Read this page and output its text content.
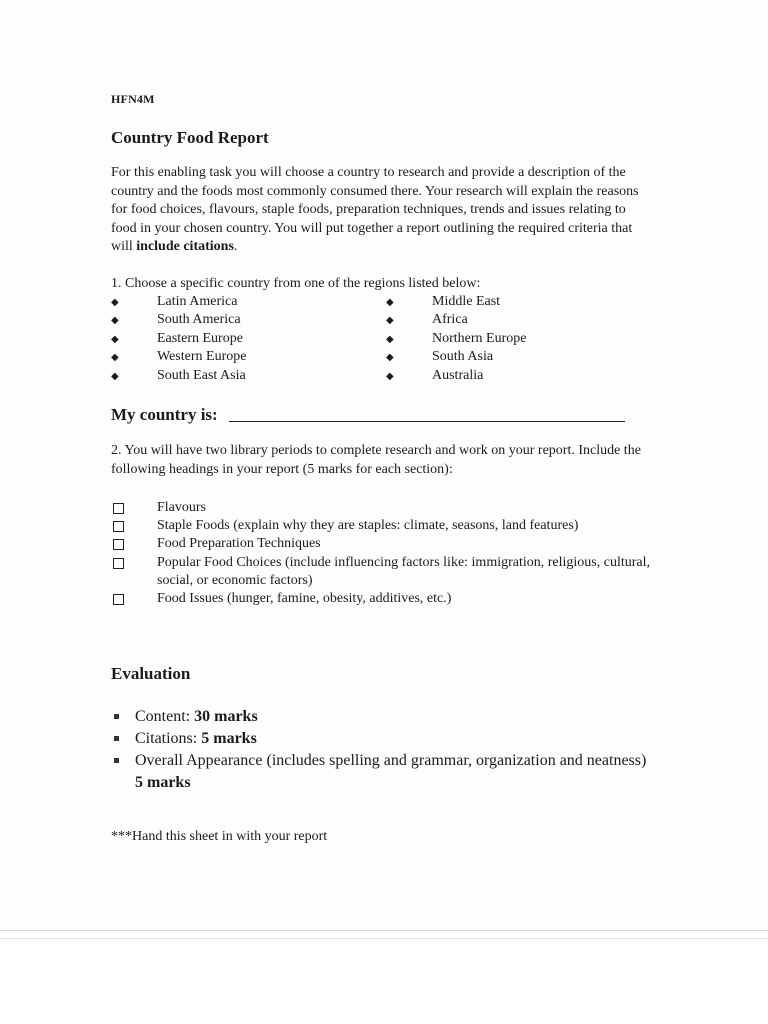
HFN4M
Country Food Report
For this enabling task you will choose a country to research and provide a description of the country and the foods most commonly consumed there. Your research will explain the reasons for food choices, flavours, staple foods, preparation techniques, trends and issues relating to food in your chosen country. You will put together a report outlining the required criteria that will include citations.
1. Choose a specific country from one of the regions listed below:
◆	Latin America	◆	Middle East
◆	South America	◆	Africa
◆	Eastern Europe	◆	Northern Europe
◆	Western Europe	◆	South Asia
◆	South East Asia	◆	Australia
My country is:
2. You will have two library periods to complete research and work on your report. Include the following headings in your report (5 marks for each section):
Flavours
Staple Foods (explain why they are staples: climate, seasons, land features)
Food Preparation Techniques
Popular Food Choices (include influencing factors like: immigration, religious, cultural, social, or economic factors)
Food Issues (hunger, famine, obesity, additives, etc.)
Evaluation
Content: 30 marks
Citations: 5 marks
Overall Appearance (includes spelling and grammar, organization and neatness) 5 marks
***Hand this sheet in with your report
